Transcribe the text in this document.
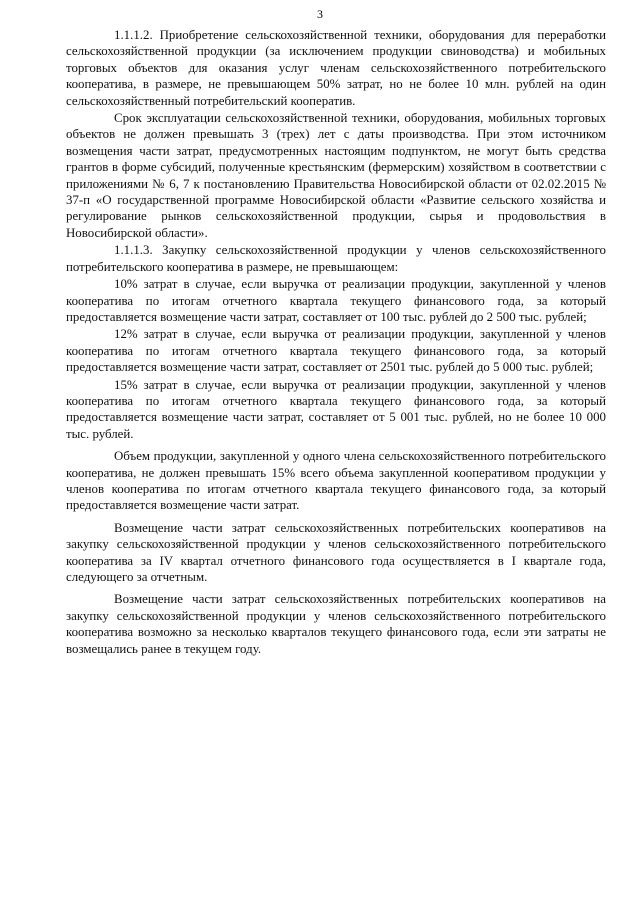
3

1.1.1.2. Приобретение сельскохозяйственной техники, оборудования для переработки сельскохозяйственной продукции (за исключением продукции свиноводства) и мобильных торговых объектов для оказания услуг членам сельскохозяйственного потребительского кооператива, в размере, не превышающем 50% затрат, но не более 10 млн. рублей на один сельскохозяйственный потребительский кооператив.

Срок эксплуатации сельскохозяйственной техники, оборудования, мобильных торговых объектов не должен превышать 3 (трех) лет с даты производства. При этом источником возмещения части затрат, предусмотренных настоящим подпунктом, не могут быть средства грантов в форме субсидий, полученные крестьянским (фермерским) хозяйством в соответствии с приложениями № 6, 7 к постановлению Правительства Новосибирской области от 02.02.2015 № 37-п «О государственной программе Новосибирской области «Развитие сельского хозяйства и регулирование рынков сельскохозяйственной продукции, сырья и продовольствия в Новосибирской области».

1.1.1.3. Закупку сельскохозяйственной продукции у членов сельскохозяйственного потребительского кооператива в размере, не превышающем:

10% затрат в случае, если выручка от реализации продукции, закупленной у членов кооператива по итогам отчетного квартала текущего финансового года, за который предоставляется возмещение части затрат, составляет от 100 тыс. рублей до 2 500 тыс. рублей;

12% затрат в случае, если выручка от реализации продукции, закупленной у членов кооператива по итогам отчетного квартала текущего финансового года, за который предоставляется возмещение части затрат, составляет от 2501 тыс. рублей до 5 000 тыс. рублей;

15% затрат в случае, если выручка от реализации продукции, закупленной у членов кооператива по итогам отчетного квартала текущего финансового года, за который предоставляется возмещение части затрат, составляет от 5 001 тыс. рублей, но не более 10 000 тыс. рублей.

Объем продукции, закупленной у одного члена сельскохозяйственного потребительского кооператива, не должен превышать 15% всего объема закупленной кооперативом продукции у членов кооператива по итогам отчетного квартала текущего финансового года, за который предоставляется возмещение части затрат.

Возмещение части затрат сельскохозяйственных потребительских кооперативов на закупку сельскохозяйственной продукции у членов сельскохозяйственного потребительского кооператива за IV квартал отчетного финансового года осуществляется в I квартале года, следующего за отчетным.

Возмещение части затрат сельскохозяйственных потребительских кооперативов на закупку сельскохозяйственной продукции у членов сельскохозяйственного потребительского кооператива возможно за несколько кварталов текущего финансового года, если эти затраты не возмещались ранее в текущем году.
